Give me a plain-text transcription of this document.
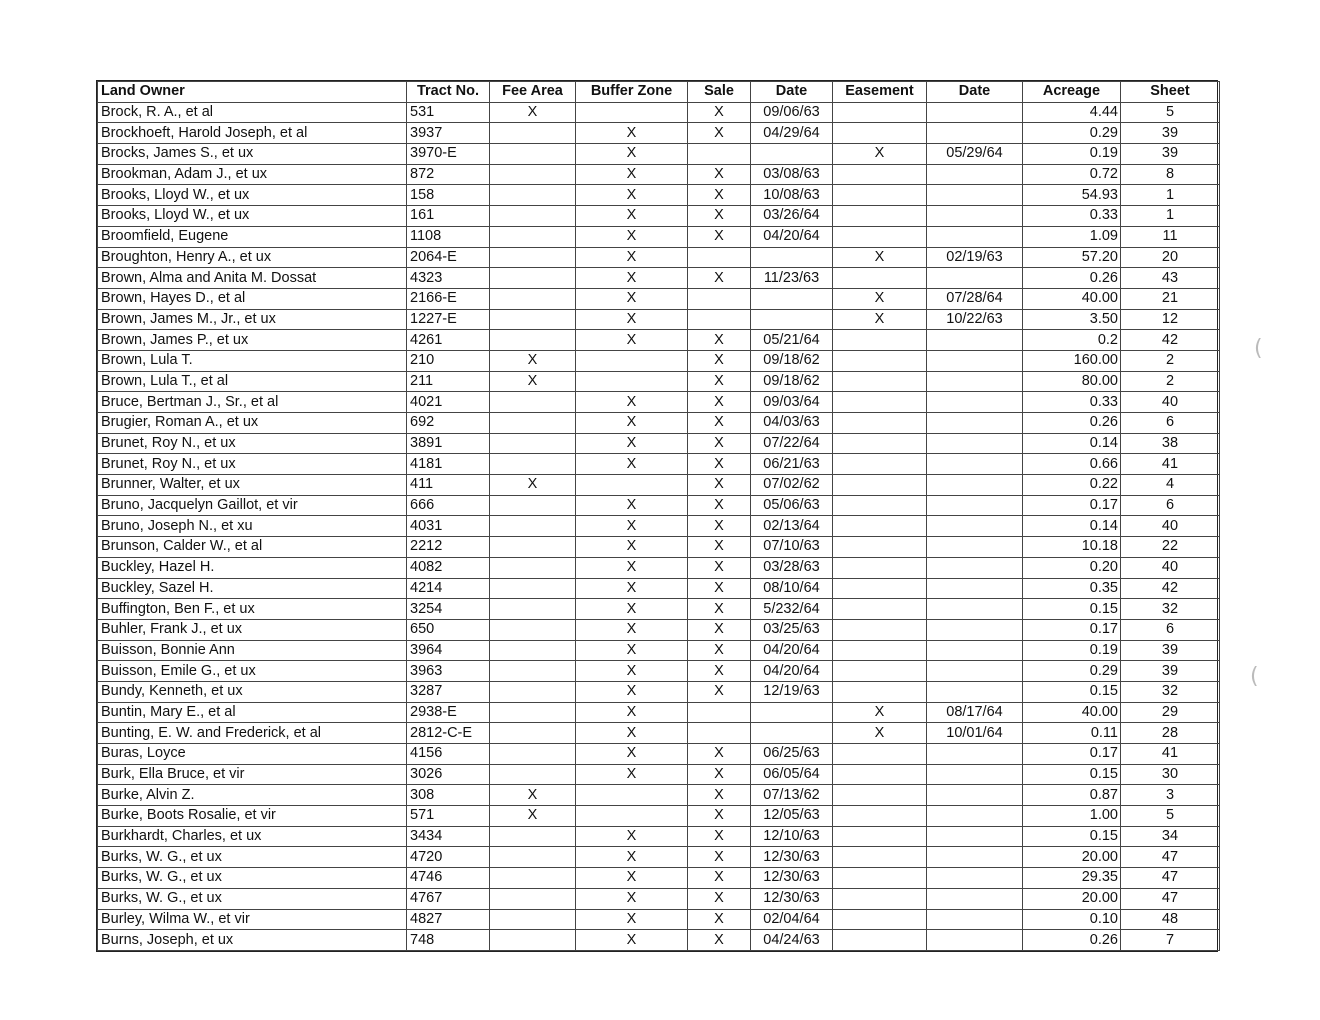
Land Owner	Tract No.	Fee Area	Buffer Zone	Sale	Date	Easement	Date	Acreage	Sheet
Brock, R. A., et al	531	X		X	09/06/63			4.44	5
Brockhoeft, Harold Joseph, et al	3937		X	X	04/29/64			0.29	39
Brocks, James S., et ux	3970-E		X			X	05/29/64	0.19	39
Brookman, Adam J., et ux	872		X	X	03/08/63			0.72	8
Brooks, Lloyd W., et ux	158		X	X	10/08/63			54.93	1
Brooks, Lloyd W., et ux	161		X	X	03/26/64			0.33	1
Broomfield, Eugene	1108		X	X	04/20/64			1.09	11
Broughton, Henry A., et ux	2064-E		X			X	02/19/63	57.20	20
Brown, Alma and Anita M. Dossat	4323		X	X	11/23/63			0.26	43
Brown, Hayes D., et al	2166-E		X			X	07/28/64	40.00	21
Brown, James M., Jr., et ux	1227-E		X			X	10/22/63	3.50	12
Brown, James P., et ux	4261		X	X	05/21/64			0.2	42
Brown, Lula T.	210	X		X	09/18/62			160.00	2
Brown, Lula T., et al	211	X		X	09/18/62			80.00	2
Bruce, Bertman J., Sr., et al	4021		X	X	09/03/64			0.33	40
Brugier, Roman A., et ux	692		X	X	04/03/63			0.26	6
Brunet, Roy N., et ux	3891		X	X	07/22/64			0.14	38
Brunet, Roy N., et ux	4181		X	X	06/21/63			0.66	41
Brunner, Walter, et ux	411	X		X	07/02/62			0.22	4
Bruno, Jacquelyn Gaillot, et vir	666		X	X	05/06/63			0.17	6
Bruno, Joseph N., et xu	4031		X	X	02/13/64			0.14	40
Brunson, Calder W., et al	2212		X	X	07/10/63			10.18	22
Buckley, Hazel H.	4082		X	X	03/28/63			0.20	40
Buckley, Sazel H.	4214		X	X	08/10/64			0.35	42
Buffington, Ben F., et ux	3254		X	X	5/232/64			0.15	32
Buhler, Frank J., et ux	650		X	X	03/25/63			0.17	6
Buisson, Bonnie Ann	3964		X	X	04/20/64			0.19	39
Buisson, Emile G., et ux	3963		X	X	04/20/64			0.29	39
Bundy, Kenneth, et ux	3287		X	X	12/19/63			0.15	32
Buntin, Mary E., et al	2938-E		X			X	08/17/64	40.00	29
Bunting, E. W. and Frederick, et al	2812-C-E		X			X	10/01/64	0.11	28
Buras, Loyce	4156		X	X	06/25/63			0.17	41
Burk, Ella Bruce, et vir	3026		X	X	06/05/64			0.15	30
Burke, Alvin Z.	308	X		X	07/13/62			0.87	3
Burke, Boots Rosalie, et vir	571	X		X	12/05/63			1.00	5
Burkhardt, Charles, et ux	3434		X	X	12/10/63			0.15	34
Burks, W. G., et ux	4720		X	X	12/30/63			20.00	47
Burks, W. G., et ux	4746		X	X	12/30/63			29.35	47
Burks, W. G., et ux	4767		X	X	12/30/63			20.00	47
Burley, Wilma W., et vir	4827		X	X	02/04/64			0.10	48
Burns, Joseph, et ux	748		X	X	04/24/63			0.26	7
(
(
